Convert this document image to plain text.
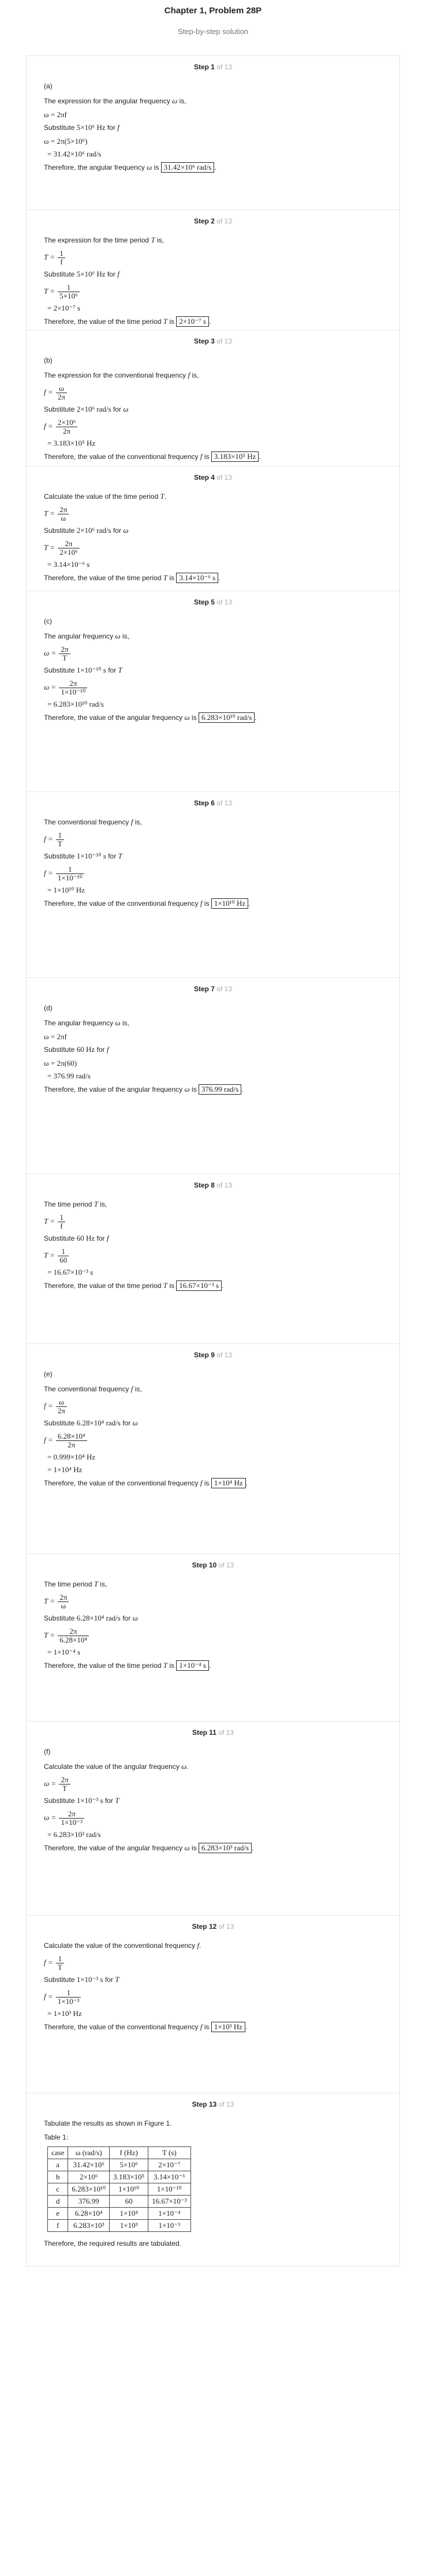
Chapter 1, Problem 28P
Step-by-step solution
Step 1 of 13
(a)
The expression for the angular frequency ω is,
ω = 2πf
Substitute 5×10⁶ Hz for f
ω = 2π(5×10⁶)
= 31.42×10⁶ rad/s
Therefore, the angular frequency ω is 31.42×10⁶ rad/s .
Step 2 of 13
The expression for the time period T is,
$T = \frac{1}{f}$
Substitute 5×10⁶ Hz for f
$T = \frac{1}{\text{5×10⁶}}$
= 2×10⁻⁷ s
Therefore, the value of the time period T is 2×10⁻⁷ s .
Step 3 of 13
(b)
The expression for the conventional frequency f is,
$f = \frac{\omega}{2\pi}$
Substitute 2×10⁶ rad/s for ω
$f = \frac{\text{2×10⁶}}{2\pi}$
= 3.183×10⁵ Hz
Therefore, the value of the conventional frequency f is 3.183×10⁵ Hz .
Step 4 of 13
Calculate the value of the time period T.
$T = \frac{2\pi}{\omega}$
Substitute 2×10⁶ rad/s for ω
$T = \frac{2\pi}{\text{2×10⁶}}$
= 3.14×10⁻⁶ s
Therefore, the value of the time period T is 3.14×10⁻⁶ s .
Step 5 of 13
(c)
The angular frequency ω is,
$\omega = \frac{2\pi}{T}$
Substitute 1×10⁻¹⁰ s for T
$\omega = \frac{2\pi}{\text{1×10⁻¹⁰}}$
= 6.283×10¹⁰ rad/s
Therefore, the value of the angular frequency ω is 6.283×10¹⁰ rad/s .
Step 6 of 13
The conventional frequency f is,
$f = \frac{1}{T}$
Substitute 1×10⁻¹⁰ s for T
$f = \frac{1}{\text{1×10⁻¹⁰}}$
= 1×10¹⁰ Hz
Therefore, the value of the conventional frequency f is 1×10¹⁰ Hz .
Step 7 of 13
(d)
The angular frequency ω is,
ω = 2πf
Substitute 60 Hz for f
ω = 2π(60)
= 376.99 rad/s
Therefore, the value of the angular frequency ω is 376.99 rad/s .
Step 8 of 13
The time period T is,
$T = \frac{1}{f}$
Substitute 60 Hz for f
$T = \frac{1}{60}$
= 16.67×10⁻³ s
Therefore, the value of the time period T is 16.67×10⁻³ s .
Step 9 of 13
(e)
The conventional frequency f is,
$f = \frac{\omega}{2\pi}$
Substitute 6.28×10⁴ rad/s for ω
$f = \frac{\text{6.28×10⁴}}{2\pi}$
= 0.999×10⁴ Hz
= 1×10⁴ Hz
Therefore, the value of the conventional frequency f is 1×10⁴ Hz .
Step 10 of 13
The time period T is,
$T = \frac{2\pi}{\omega}$
Substitute 6.28×10⁴ rad/s for ω
$T = \frac{2\pi}{\text{6.28×10⁴}}$
= 1×10⁻⁴ s
Therefore, the value of the time period T is 1×10⁻⁴ s .
Step 11 of 13
(f)
Calculate the value of the angular frequency ω.
$\omega = \frac{2\pi}{T}$
Substitute 1×10⁻³ s for T
$\omega = \frac{2\pi}{\text{1×10⁻³}}$
= 6.283×10³ rad/s
Therefore, the value of the angular frequency ω is 6.283×10³ rad/s .
Step 12 of 13
Calculate the value of the conventional frequency f.
$f = \frac{1}{T}$
Substitute 1×10⁻³ s for T
$f = \frac{1}{\text{1×10⁻³}}$
= 1×10³ Hz
Therefore, the value of the conventional frequency f is 1×10³ Hz .
Step 13 of 13
Tabulate the results as shown in Figure 1.
Table 1:
case	ω (rad/s)	f (Hz)	T (s)
a	31.42×10⁶	5×10⁶	2×10⁻⁷
b	2×10⁶	3.183×10⁵	3.14×10⁻⁶
c	6.283×10¹⁰	1×10¹⁰	1×10⁻¹⁰
d	376.99	60	16.67×10⁻³
e	6.28×10⁴	1×10⁴	1×10⁻⁴
f	6.283×10³	1×10³	1×10⁻³
Therefore, the required results are tabulated.
